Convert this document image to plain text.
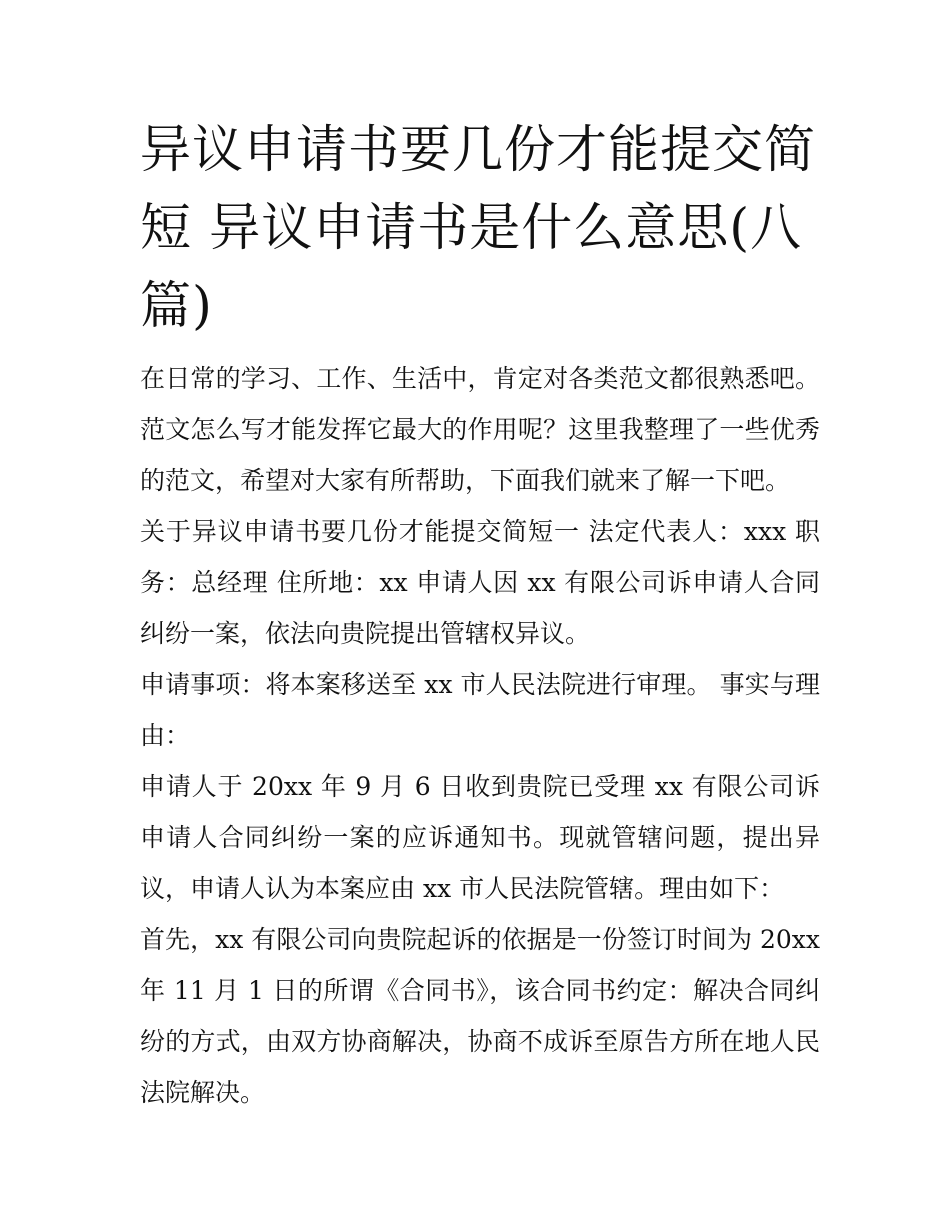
异议申请书要几份才能提交简短 异议申请书是什么意思(八篇)

在日常的学习、工作、生活中，肯定对各类范文都很熟悉吧。范文怎么写才能发挥它最大的作用呢？这里我整理了一些优秀的范文，希望对大家有所帮助，下面我们就来了解一下吧。

关于异议申请书要几份才能提交简短一 法定代表人：xxx 职务：总经理 住所地：xx 申请人因 xx 有限公司诉申请人合同纠纷一案，依法向贵院提出管辖权异议。

申请事项：将本案移送至 xx 市人民法院进行审理。 事实与理由：

申请人于 20xx 年 9 月 6 日收到贵院已受理 xx 有限公司诉申请人合同纠纷一案的应诉通知书。现就管辖问题，提出异议，申请人认为本案应由 xx 市人民法院管辖。理由如下：

首先，xx 有限公司向贵院起诉的依据是一份签订时间为 20xx 年 11 月 1 日的所谓《合同书》，该合同书约定：解决合同纠纷的方式，由双方协商解决，协商不成诉至原告方所在地人民法院解决。
